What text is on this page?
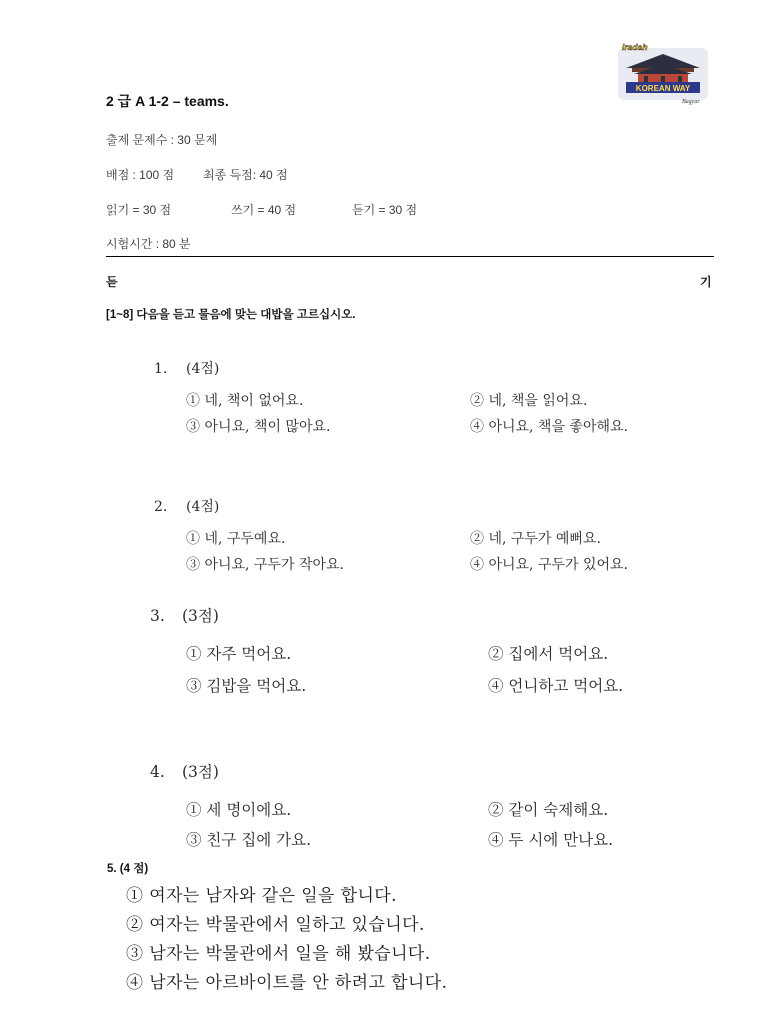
KOREAN WAY
Iradah
Bugyar
2 급 A 1-2 – teams.
출제 문제수 : 30 문제
배점 : 100 점 최종 득점: 40 점
읽기 = 30 점	쓰기 = 40 점	듣기 = 30 점
시험시간 : 80 분
듣	기
[1~8] 다음을 듣고 물음에 맞는 대밥을 고르십시오.
1. (4점)
① 네, 책이 없어요.	② 네, 책을 읽어요.
③ 아니요, 책이 많아요.	④ 아니요, 책을 좋아해요.
2. (4점)
① 네, 구두예요.	② 네, 구두가 예뻐요.
③ 아니요, 구두가 작아요.	④ 아니요, 구두가 있어요.
3. (3점)
① 자주 먹어요.	② 집에서 먹어요.
③ 김밥을 먹어요.	④ 언니하고 먹어요.
4. (3점)
① 세 명이에요.	② 같이 숙제해요.
③ 친구 집에 가요.	④ 두 시에 만나요.
5. (4 점)
① 여자는 남자와 같은 일을 합니다.
② 여자는 박물관에서 일하고 있습니다.
③ 남자는 박물관에서 일을 해 봤습니다.
④ 남자는 아르바이트를 안 하려고 합니다.
